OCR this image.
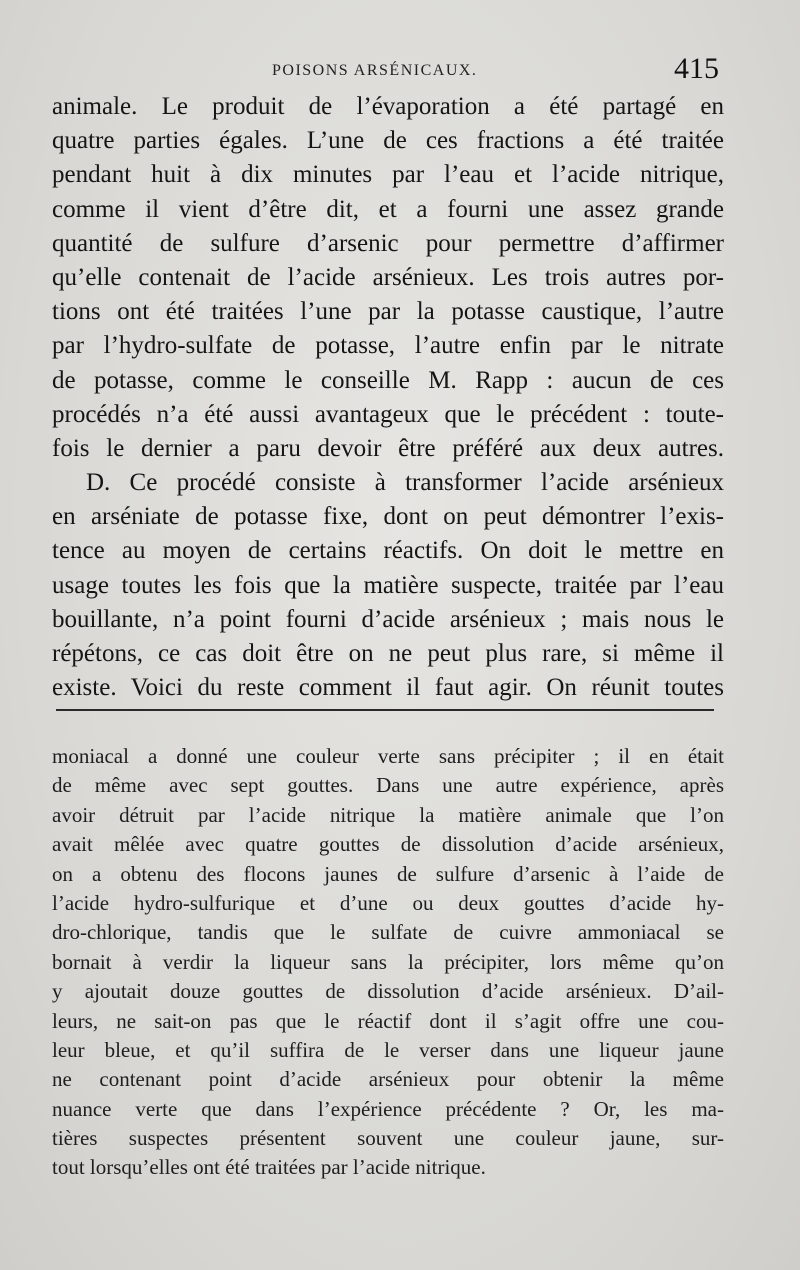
POISONS ARSÉNICAUX.	415
animale. Le produit de l’évaporation a été partagé en
quatre parties égales. L’une de ces fractions a été traitée
pendant huit à dix minutes par l’eau et l’acide nitrique,
comme il vient d’être dit, et a fourni une assez grande
quantité de sulfure d’arsenic pour permettre d’affirmer
qu’elle contenait de l’acide arsénieux. Les trois autres por-
tions ont été traitées l’une par la potasse caustique, l’autre
par l’hydro-sulfate de potasse, l’autre enfin par le nitrate
de potasse, comme le conseille M. Rapp : aucun de ces
procédés n’a été aussi avantageux que le précédent : toute-
fois le dernier a paru devoir être préféré aux deux autres.
D. Ce procédé consiste à transformer l’acide arsénieux
en arséniate de potasse fixe, dont on peut démontrer l’exis-
tence au moyen de certains réactifs. On doit le mettre en
usage toutes les fois que la matière suspecte, traitée par l’eau
bouillante, n’a point fourni d’acide arsénieux ; mais nous le
répétons, ce cas doit être on ne peut plus rare, si même il
existe. Voici du reste comment il faut agir. On réunit toutes
moniacal a donné une couleur verte sans précipiter ; il en était
de même avec sept gouttes. Dans une autre expérience, après
avoir détruit par l’acide nitrique la matière animale que l’on
avait mêlée avec quatre gouttes de dissolution d’acide arsénieux,
on a obtenu des flocons jaunes de sulfure d’arsenic à l’aide de
l’acide hydro-sulfurique et d’une ou deux gouttes d’acide hy-
dro-chlorique, tandis que le sulfate de cuivre ammoniacal se
bornait à verdir la liqueur sans la précipiter, lors même qu’on
y ajoutait douze gouttes de dissolution d’acide arsénieux. D’ail-
leurs, ne sait-on pas que le réactif dont il s’agit offre une cou-
leur bleue, et qu’il suffira de le verser dans une liqueur jaune
ne contenant point d’acide arsénieux pour obtenir la même
nuance verte que dans l’expérience précédente ? Or, les ma-
tières suspectes présentent souvent une couleur jaune, sur-
tout lorsqu’elles ont été traitées par l’acide nitrique.
